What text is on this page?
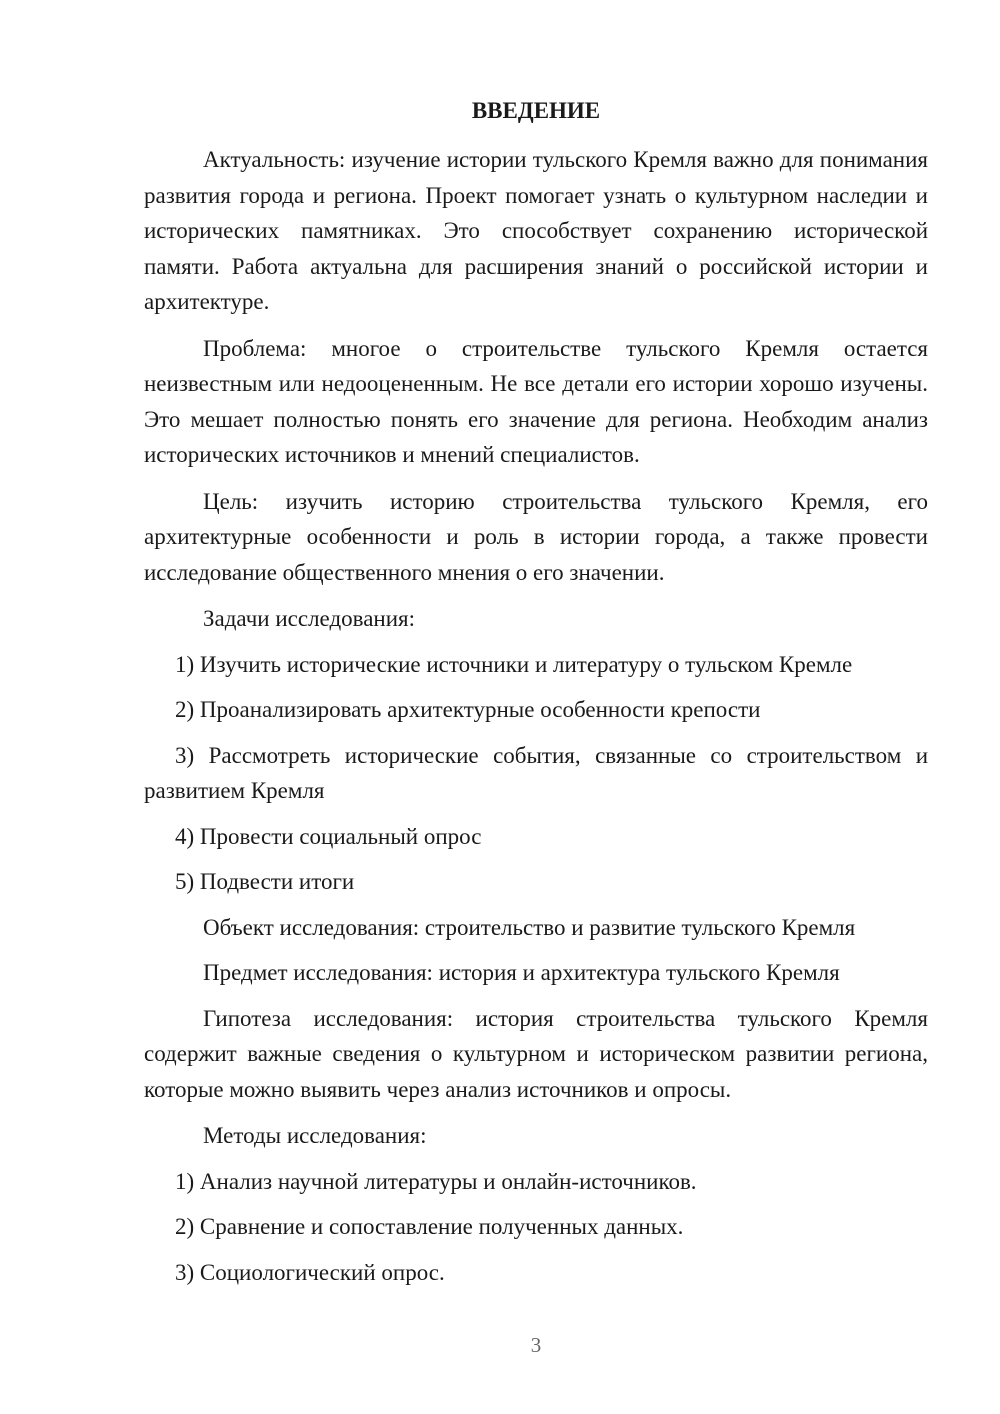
ВВЕДЕНИЕ

Актуальность: изучение истории тульского Кремля важно для понимания развития города и региона. Проект помогает узнать о культурном наследии и исторических памятниках. Это способствует сохранению исторической памяти. Работа актуальна для расширения знаний о российской истории и архитектуре.

Проблема: многое о строительстве тульского Кремля остается неизвестным или недооцененным. Не все детали его истории хорошо изучены. Это мешает полностью понять его значение для региона. Необходим анализ исторических источников и мнений специалистов.

Цель: изучить историю строительства тульского Кремля, его архитектурные особенности и роль в истории города, а также провести исследование общественного мнения о его значении.

Задачи исследования:

1) Изучить исторические источники и литературу о тульском Кремле

2) Проанализировать архитектурные особенности крепости

3) Рассмотреть исторические события, связанные со строительством и развитием Кремля

4) Провести социальный опрос

5) Подвести итоги

Объект исследования: строительство и развитие тульского Кремля

Предмет исследования: история и архитектура тульского Кремля

Гипотеза исследования: история строительства тульского Кремля содержит важные сведения о культурном и историческом развитии региона, которые можно выявить через анализ источников и опросы.

Методы исследования:

1) Анализ научной литературы и онлайн-источников.

2) Сравнение и сопоставление полученных данных.

3) Социологический опрос.

3
